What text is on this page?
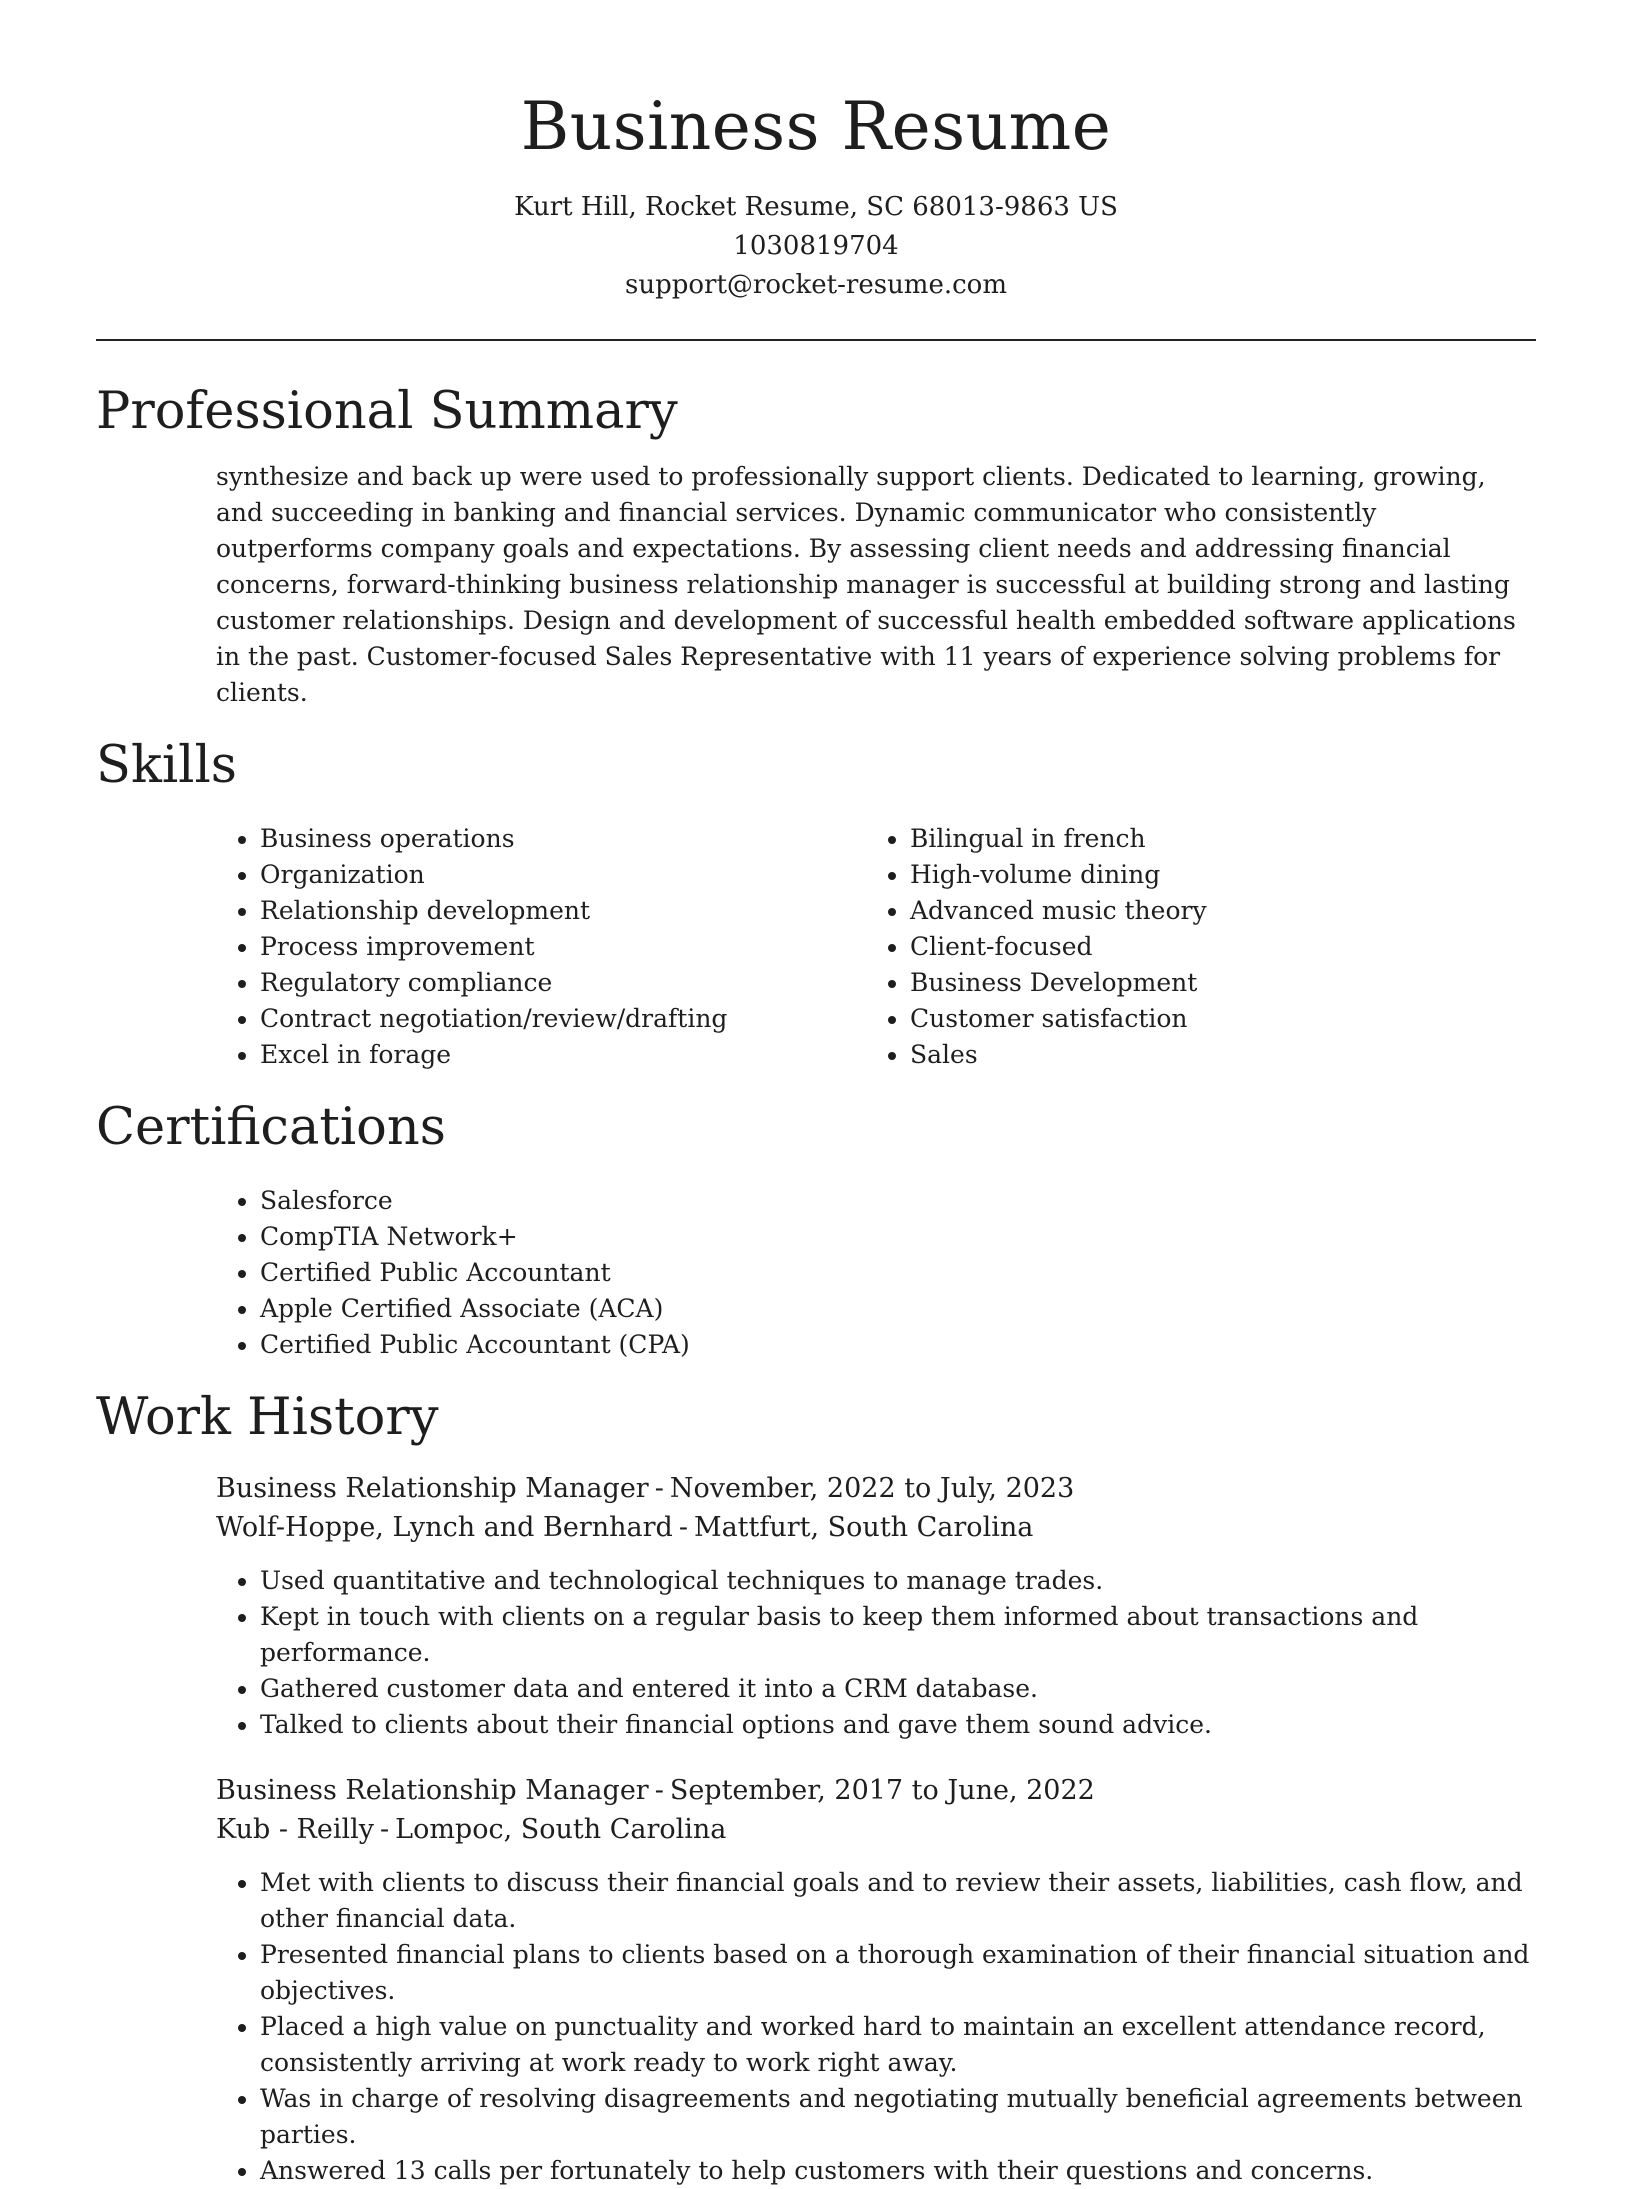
Business Resume
Kurt Hill, Rocket Resume, SC 68013-9863 US
1030819704
support@rocket-resume.com
Professional Summary

synthesize and back up were used to professionally support clients. Dedicated to learning, growing, and succeeding in banking and financial services. Dynamic communicator who consistently outperforms company goals and expectations. By assessing client needs and addressing financial concerns, forward-thinking business relationship manager is successful at building strong and lasting customer relationships. Design and development of successful health embedded software applications in the past. Customer-focused Sales Representative with 11 years of experience solving problems for clients.

Skills
• Business operations
• Organization
• Relationship development
• Process improvement
• Regulatory compliance
• Contract negotiation/review/drafting
• Excel in forage
• Bilingual in french
• High-volume dining
• Advanced music theory
• Client-focused
• Business Development
• Customer satisfaction
• Sales
Certifications
• Salesforce
• CompTIA Network+
• Certified Public Accountant
• Apple Certified Associate (ACA)
• Certified Public Accountant (CPA)
Work History
Business Relationship Manager - November, 2022 to July, 2023
Wolf-Hoppe, Lynch and Bernhard - Mattfurt, South Carolina
• Used quantitative and technological techniques to manage trades.
• Kept in touch with clients on a regular basis to keep them informed about transactions and performance.
• Gathered customer data and entered it into a CRM database.
• Talked to clients about their financial options and gave them sound advice.
Business Relationship Manager - September, 2017 to June, 2022
Kub - Reilly - Lompoc, South Carolina
• Met with clients to discuss their financial goals and to review their assets, liabilities, cash flow, and other financial data.
• Presented financial plans to clients based on a thorough examination of their financial situation and objectives.
• Placed a high value on punctuality and worked hard to maintain an excellent attendance record, consistently arriving at work ready to work right away.
• Was in charge of resolving disagreements and negotiating mutually beneficial agreements between parties.
• Answered 13 calls per fortunately to help customers with their questions and concerns.
